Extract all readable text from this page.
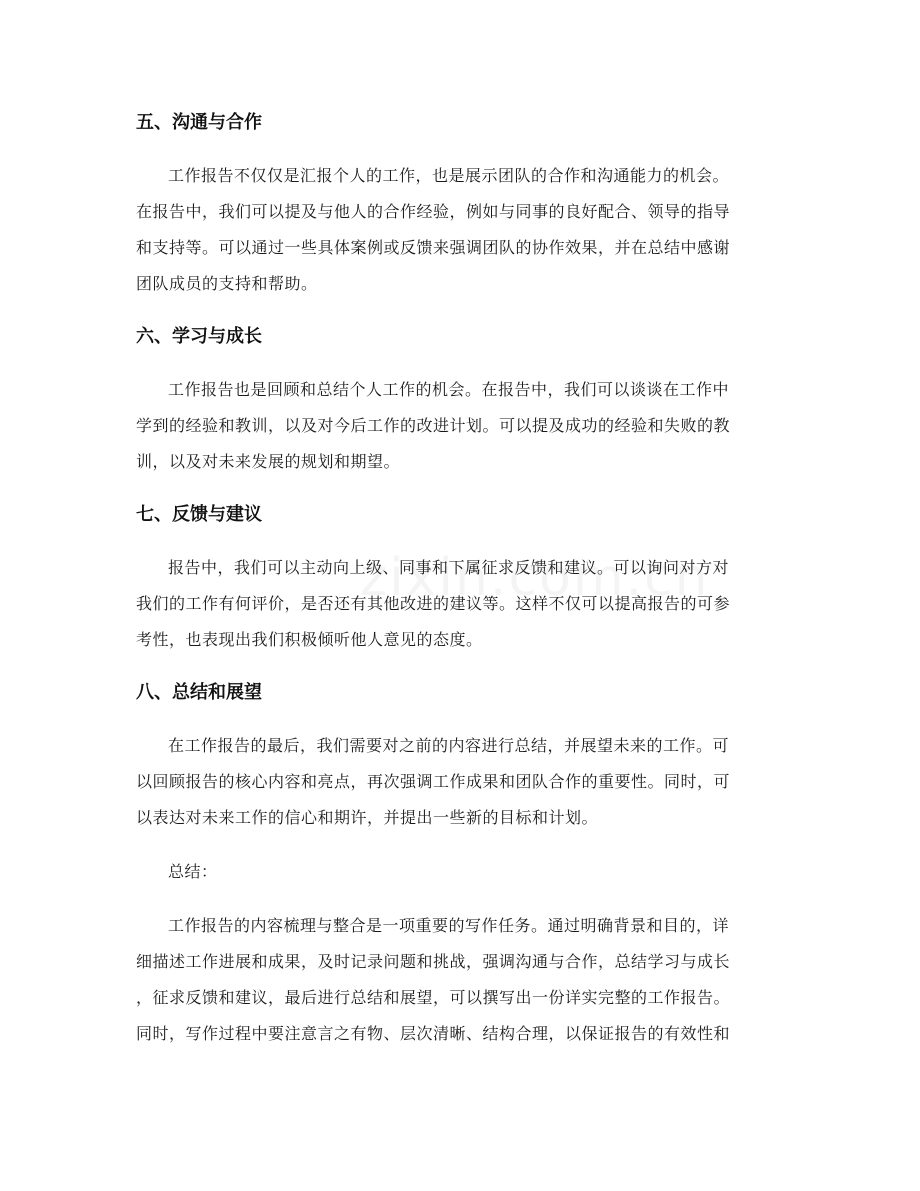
五、沟通与合作
工作报告不仅仅是汇报个人的工作，也是展示团队的合作和沟通能力的机会。
在报告中，我们可以提及与他人的合作经验，例如与同事的良好配合、领导的指导
和支持等。可以通过一些具体案例或反馈来强调团队的协作效果，并在总结中感谢
团队成员的支持和帮助。
六、学习与成长
工作报告也是回顾和总结个人工作的机会。在报告中，我们可以谈谈在工作中
学到的经验和教训，以及对今后工作的改进计划。可以提及成功的经验和失败的教
训，以及对未来发展的规划和期望。
七、反馈与建议
报告中，我们可以主动向上级、同事和下属征求反馈和建议。可以询问对方对
我们的工作有何评价，是否还有其他改进的建议等。这样不仅可以提高报告的可参
考性，也表现出我们积极倾听他人意见的态度。
八、总结和展望
在工作报告的最后，我们需要对之前的内容进行总结，并展望未来的工作。可
以回顾报告的核心内容和亮点，再次强调工作成果和团队合作的重要性。同时，可
以表达对未来工作的信心和期许，并提出一些新的目标和计划。
总结：
工作报告的内容梳理与整合是一项重要的写作任务。通过明确背景和目的，详
细描述工作进展和成果，及时记录问题和挑战，强调沟通与合作，总结学习与成长
，征求反馈和建议，最后进行总结和展望，可以撰写出一份详实完整的工作报告。
同时，写作过程中要注意言之有物、层次清晰、结构合理，以保证报告的有效性和
